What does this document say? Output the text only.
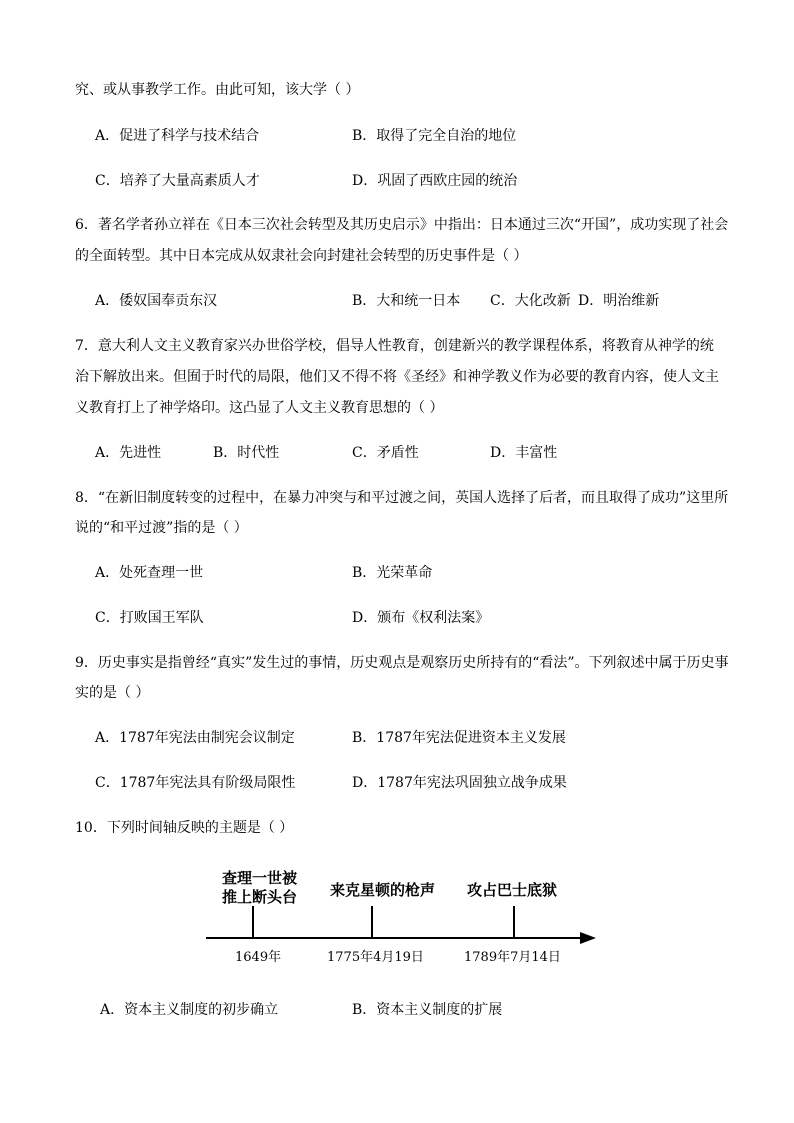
究、或从事教学工作。由此可知，该大学（ ）
A．促进了科学与技术结合	B．取得了完全自治的地位
C．培养了大量高素质人才	D．巩固了西欧庄园的统治
6．著名学者孙立祥在《日本三次社会转型及其历史启示》中指出：日本通过三次“开国”，成功实现了社会
的全面转型。其中日本完成从奴隶社会向封建社会转型的历史事件是（ ）
A．倭奴国奉贡东汉	B．大和统一日本 C．大化改新 D．明治维新
7．意大利人文主义教育家兴办世俗学校，倡导人性教育，创建新兴的教学课程体系，将教育从神学的统
治下解放出来。但囿于时代的局限，他们又不得不将《圣经》和神学教义作为必要的教育内容，使人文主
义教育打上了神学烙印。这凸显了人文主义教育思想的（ ）
A．先进性	B．时代性	C．矛盾性	D．丰富性
8．“在新旧制度转变的过程中，在暴力冲突与和平过渡之间，英国人选择了后者，而且取得了成功”这里所
说的“和平过渡”指的是（ ）
A．处死查理一世	B．光荣革命
C．打败国王军队	D．颁布《权利法案》
9．历史事实是指曾经“真实”发生过的事情，历史观点是观察历史所持有的“看法”。下列叙述中属于历史事
实的是（ ）
A．1787年宪法由制宪会议制定	B．1787年宪法促进资本主义发展
C．1787年宪法具有阶级局限性	D．1787年宪法巩固独立战争成果
10．下列时间轴反映的主题是（ ）
查理一世被
推上断头台 来克星顿的枪声 攻占巴士底狱
1649年	1775年4月19日	1789年7月14日
A．资本主义制度的初步确立	B．资本主义制度的扩展
